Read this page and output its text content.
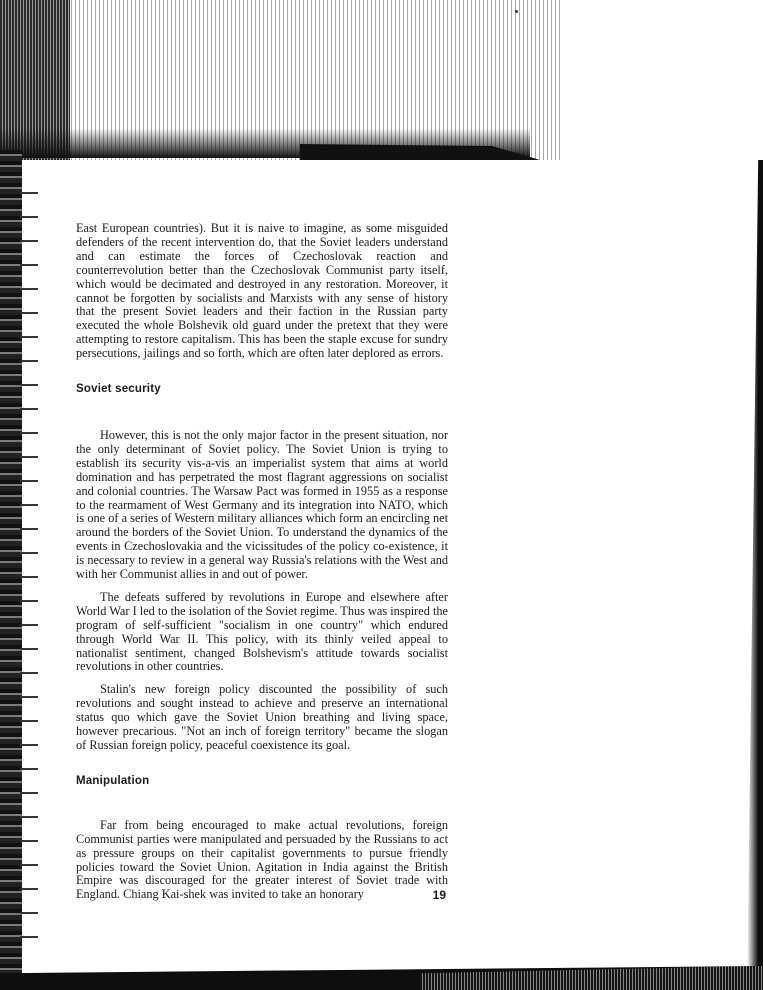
East European countries). But it is naive to imagine, as some misguided defenders of the recent intervention do, that the Soviet leaders understand and can estimate the forces of Czechoslovak reaction and counterrevolution better than the Czechoslovak Communist party itself, which would be decimated and destroyed in any restoration. Moreover, it cannot be forgotten by socialists and Marxists with any sense of history that the present Soviet leaders and their faction in the Russian party executed the whole Bolshevik old guard under the pretext that they were attempting to restore capitalism. This has been the staple excuse for sundry persecutions, jailings and so forth, which are often later deplored as errors.

Soviet security

However, this is not the only major factor in the present situation, nor the only determinant of Soviet policy. The Soviet Union is trying to establish its security vis-a-vis an imperialist system that aims at world domination and has perpetrated the most flagrant aggressions on socialist and colonial countries. The Warsaw Pact was formed in 1955 as a response to the rearmament of West Germany and its integration into NATO, which is one of a series of Western military alliances which form an encircling net around the borders of the Soviet Union. To understand the dynamics of the events in Czechoslovakia and the vicissitudes of the policy co-existence, it is necessary to review in a general way Russia's relations with the West and with her Communist allies in and out of power.

The defeats suffered by revolutions in Europe and elsewhere after World War I led to the isolation of the Soviet regime. Thus was inspired the program of self-sufficient "socialism in one country" which endured through World War II. This policy, with its thinly veiled appeal to nationalist sentiment, changed Bolshevism's attitude towards socialist revolutions in other countries.

Stalin's new foreign policy discounted the possibility of such revolutions and sought instead to achieve and preserve an international status quo which gave the Soviet Union breathing and living space, however precarious. "Not an inch of foreign territory" became the slogan of Russian foreign policy, peaceful coexistence its goal.

Manipulation

Far from being encouraged to make actual revolutions, foreign Communist parties were manipulated and persuaded by the Russians to act as pressure groups on their capitalist governments to pursue friendly policies toward the Soviet Union. Agitation in India against the British Empire was discouraged for the greater interest of Soviet trade with England. Chiang Kai-shek was invited to take an honorary	19
